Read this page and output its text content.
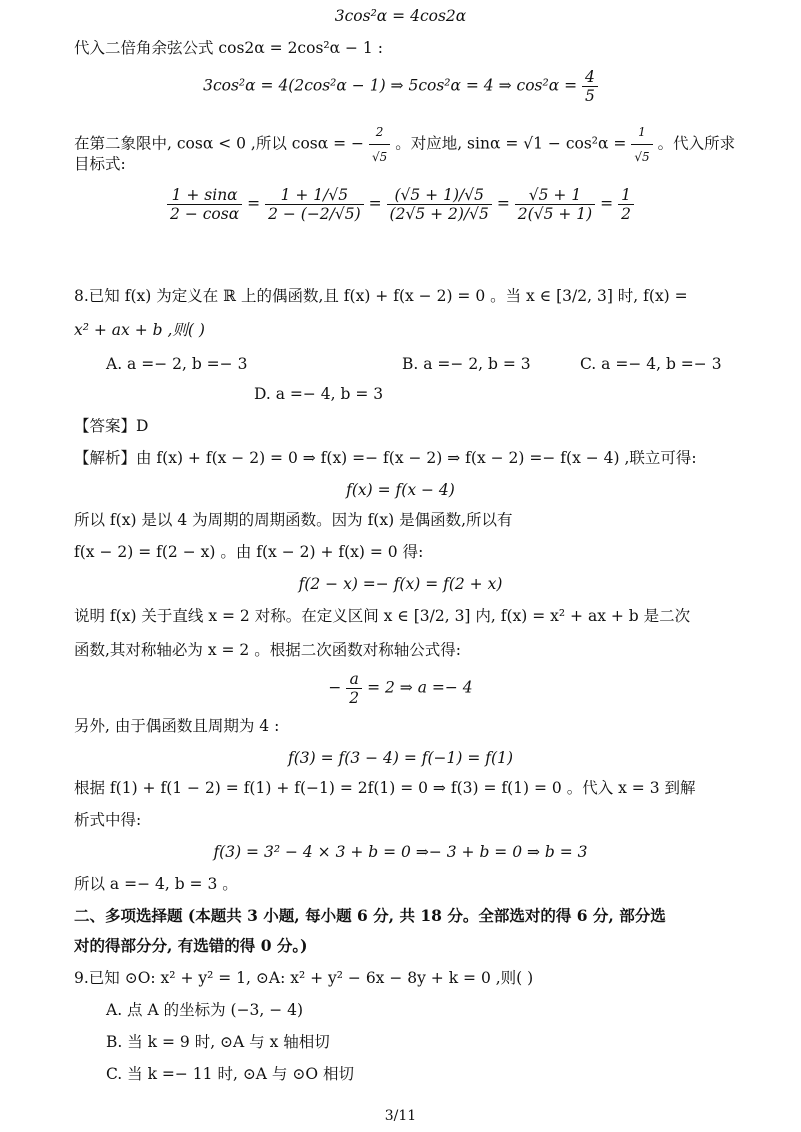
3cos²α = 4cos2α
代入二倍角余弦公式 cos2α = 2cos²α − 1 :
3cos²α = 4(2cos²α − 1) ⇒ 5cos²α = 4 ⇒ $\cos^2\alpha = \frac{4}{5}$
在第二象限中, cosα < 0 ,所以 cosα = − $\frac{2}{√5}$ 。对应地, $\sin\alpha = √1 - \cos^2\alpha = \frac{1}{√5}$ 。代入所求
目标式:
$\frac{1 + \sin\alpha}{2 - \cos\alpha} = \frac{1 + 1/√5}{2 - (-2/√5)} = \frac{(√5 + 1)/√5}{(2√5 + 2)/√5} = \frac{√5 + 1}{2(√5 + 1)} = \frac{1}{2}$
8.已知 f(x) 为定义在 ℝ 上的偶函数,且 f(x) + f(x − 2) = 0 。当 x ∈ [3/2, 3] 时, f(x) =
x² + ax + b ,则( )
A. a =− 2, b =− 3	B. a =− 2, b = 3	C. a =− 4, b =− 3
D. a =− 4, b = 3
【答案】D
【解析】由 f(x) + f(x − 2) = 0 ⇒ f(x) =− f(x − 2) ⇒ f(x − 2) =− f(x − 4) ,联立可得:
f(x) = f(x − 4)
所以 f(x) 是以 4 为周期的周期函数。因为 f(x) 是偶函数,所以有
f(x − 2) = f(2 − x) 。由 f(x − 2) + f(x) = 0 得:
f(2 − x) =− f(x) = f(2 + x)
说明 f(x) 关于直线 x = 2 对称。在定义区间 x ∈ [3/2, 3] 内, f(x) = x² + ax + b 是二次
函数,其对称轴必为 x = 2 。根据二次函数对称轴公式得:
− $\frac{a}{2} = 2$ ⇒ a =− 4
另外, 由于偶函数且周期为 4 :
f(3) = f(3 − 4) = f(−1) = f(1)
根据 f(1) + f(1 − 2) = f(1) + f(−1) = 2f(1) = 0 ⇒ f(3) = f(1) = 0 。代入 x = 3 到解
析式中得:
f(3) = 3² − 4 × 3 + b = 0 ⇒− 3 + b = 0 ⇒ b = 3
所以 a =− 4, b = 3 。
二、多项选择题 (本题共 3 小题, 每小题 6 分, 共 18 分。全部选对的得 6 分, 部分选
对的得部分分, 有选错的得 0 分。)
9.已知 ⊙O: x² + y² = 1, ⊙A: x² + y² − 6x − 8y + k = 0 ,则( )
A. 点 A 的坐标为 (−3, − 4)
B. 当 k = 9 时, ⊙A 与 x 轴相切
C. 当 k =− 11 时, ⊙A 与 ⊙O 相切
3/11
